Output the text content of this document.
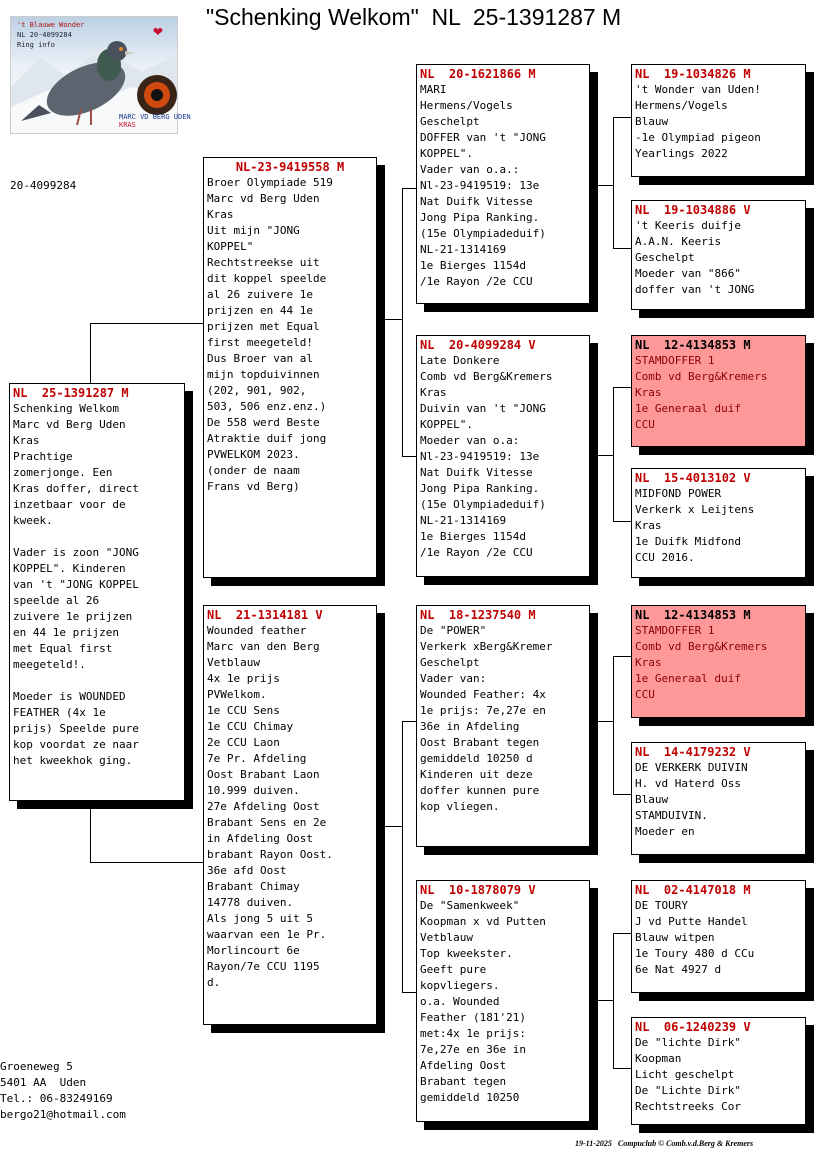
"Schenking Welkom"  NL  25-1391287 M
't Blauwe Wonder
NL 20-4099284
Ring info
MARC VD BERG UDEN
KRAS
❤
20-4099284
NL  25-1391287 M
Schenking Welkom
Marc vd Berg Uden
Kras
Prachtige
zomerjonge. Een
Kras doffer, direct
inzetbaar voor de
kweek.

Vader is zoon "JONG
KOPPEL". Kinderen
van 't "JONG KOPPEL
speelde al 26
zuivere 1e prijzen
en 44 1e prijzen
met Equal first
meegeteld!.

Moeder is WOUNDED
FEATHER (4x 1e
prijs) Speelde pure
kop voordat ze naar
het kweekhok ging.
NL-23-9419558 M
Broer Olympiade 519
Marc vd Berg Uden
Kras
Uit mijn "JONG
KOPPEL"
Rechtstreekse uit
dit koppel speelde
al 26 zuivere 1e
prijzen en 44 1e
prijzen met Equal
first meegeteld!
Dus Broer van al
mijn topduivinnen
(202, 901, 902,
503, 506 enz.enz.)
De 558 werd Beste
Atraktie duif jong
PVWELKOM 2023.
(onder de naam
Frans vd Berg)
NL  21-1314181 V
Wounded feather
Marc van den Berg
Vetblauw
4x 1e prijs
PVWelkom.
1e CCU Sens
1e CCU Chimay
2e CCU Laon
7e Pr. Afdeling
Oost Brabant Laon
10.999 duiven.
27e Afdeling Oost
Brabant Sens en 2e
in Afdeling Oost
brabant Rayon Oost.
36e afd Oost
Brabant Chimay
14778 duiven.
Als jong 5 uit 5
waarvan een 1e Pr.
Morlincourt 6e
Rayon/7e CCU 1195
d.
NL  20-1621866 M
MARI
Hermens/Vogels
Geschelpt
DOFFER van 't "JONG
KOPPEL".
Vader van o.a.:
Nl-23-9419519: 13e
Nat Duifk Vitesse
Jong Pipa Ranking.
(15e Olympiadeduif)
NL-21-1314169
1e Bierges 1154d
/1e Rayon /2e CCU
NL  20-4099284 V
Late Donkere
Comb vd Berg&Kremers
Kras
Duivin van 't "JONG
KOPPEL".
Moeder van o.a:
Nl-23-9419519: 13e
Nat Duifk Vitesse
Jong Pipa Ranking.
(15e Olympiadeduif)
NL-21-1314169
1e Bierges 1154d
/1e Rayon /2e CCU
NL  18-1237540 M
De "POWER"
Verkerk xBerg&Kremer
Geschelpt
Vader van:
Wounded Feather: 4x
1e prijs: 7e,27e en
36e in Afdeling
Oost Brabant tegen
gemiddeld 10250 d
Kinderen uit deze
doffer kunnen pure
kop vliegen.
NL  10-1878079 V
De "Samenkweek"
Koopman x vd Putten
Vetblauw
Top kweekster.
Geeft pure
kopvliegers.
o.a. Wounded
Feather (181'21)
met:4x 1e prijs:
7e,27e en 36e in
Afdeling Oost
Brabant tegen
gemiddeld 10250
NL  19-1034826 M
't Wonder van Uden!
Hermens/Vogels
Blauw
-1e Olympiad pigeon
Yearlings 2022
NL  19-1034886 V
't Keeris duifje
A.A.N. Keeris
Geschelpt
Moeder van "866"
doffer van 't JONG
NL  12-4134853 M
STAMDOFFER 1
Comb vd Berg&Kremers
Kras
1e Generaal duif
CCU
NL  15-4013102 V
MIDFOND POWER
Verkerk x Leijtens
Kras
1e Duifk Midfond
CCU 2016.
NL  12-4134853 M
STAMDOFFER 1
Comb vd Berg&Kremers
Kras
1e Generaal duif
CCU
NL  14-4179232 V
DE VERKERK DUIVIN
H. vd Haterd Oss
Blauw
STAMDUIVIN.
Moeder en
NL  02-4147018 M
DE TOURY
J vd Putte Handel
Blauw witpen
1e Toury 480 d CCu
6e Nat 4927 d
NL  06-1240239 V
De "lichte Dirk"
Koopman
Licht geschelpt
De "Lichte Dirk"
Rechtstreeks Cor
Groeneweg 5
5401 AA  Uden
Tel.: 06-83249169
bergo21@hotmail.com
19-11-2025   Compuclub © Comb.v.d.Berg & Kremers
